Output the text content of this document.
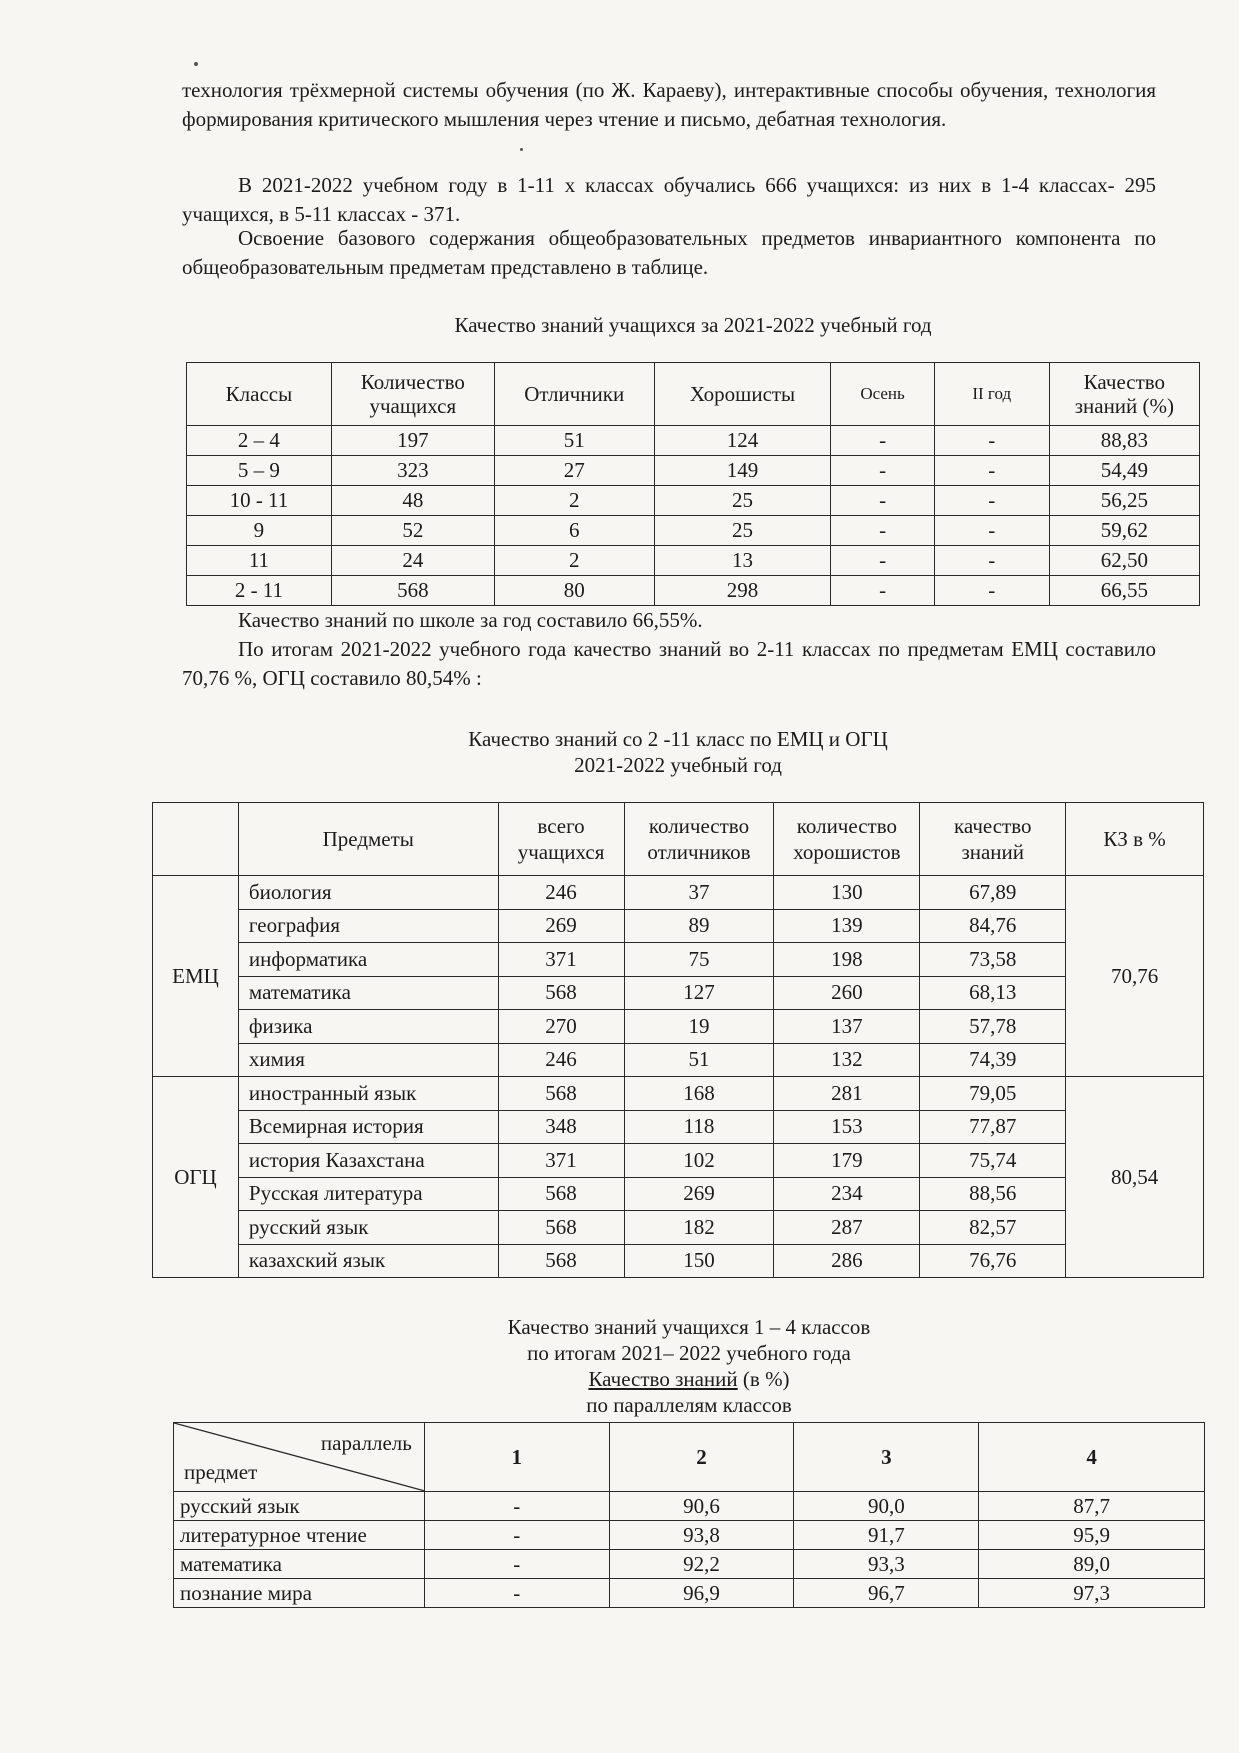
технология трёхмерной системы обучения (по Ж. Караеву), интерактивные способы обучения, технология формирования критического мышления через чтение и письмо, дебатная технология.

В 2021-2022 учебном году в 1-11 х классах обучались 666 учащихся: из них в 1-4 классах- 295 учащихся, в 5-11 классах - 371.

Освоение базового содержания общеобразовательных предметов инвариантного компонента по общеобразовательным предметам представлено в таблице.

Качество знаний учащихся за 2021-2022 учебный год

Классы	Количество учащихся	Отличники	Хорошисты	Осень	II год	Качество знаний (%)
2 – 4	197	51	124	-	-	88,83
5 – 9	323	27	149	-	-	54,49
10 - 11	48	2	25	-	-	56,25
9	52	6	25	-	-	59,62
11	24	2	13	-	-	62,50
2 - 11	568	80	298	-	-	66,55

Качество знаний по школе за год составило 66,55%.

По итогам 2021-2022 учебного года качество знаний во 2-11 классах по предметам ЕМЦ составило 70,76 %, ОГЦ составило 80,54% :

Качество знаний со 2 -11 класс по ЕМЦ и ОГЦ

2021-2022 учебный год

	Предметы	всего учащихся	количество отличников	количество хорошистов	качество знаний	КЗ в %
ЕМЦ	биология	246	37	130	67,89	70,76
	география	269	89	139	84,76	
	информатика	371	75	198	73,58	
	математика	568	127	260	68,13	
	физика	270	19	137	57,78	
	химия	246	51	132	74,39	
ОГЦ	иностранный язык	568	168	281	79,05	80,54
	Всемирная история	348	118	153	77,87	
	история Казахстана	371	102	179	75,74	
	Русская литература	568	269	234	88,56	
	русский язык	568	182	287	82,57	
	казахский язык	568	150	286	76,76	

Качество знаний учащихся 1 – 4 классов

по итогам 2021– 2022 учебного года

Качество знаний (в %)

по параллелям классов

параллель
предмет	1	2	3	4
русский язык	-	90,6	90,0	87,7
литературное чтение	-	93,8	91,7	95,9
математика	-	92,2	93,3	89,0
познание мира	-	96,9	96,7	97,3
